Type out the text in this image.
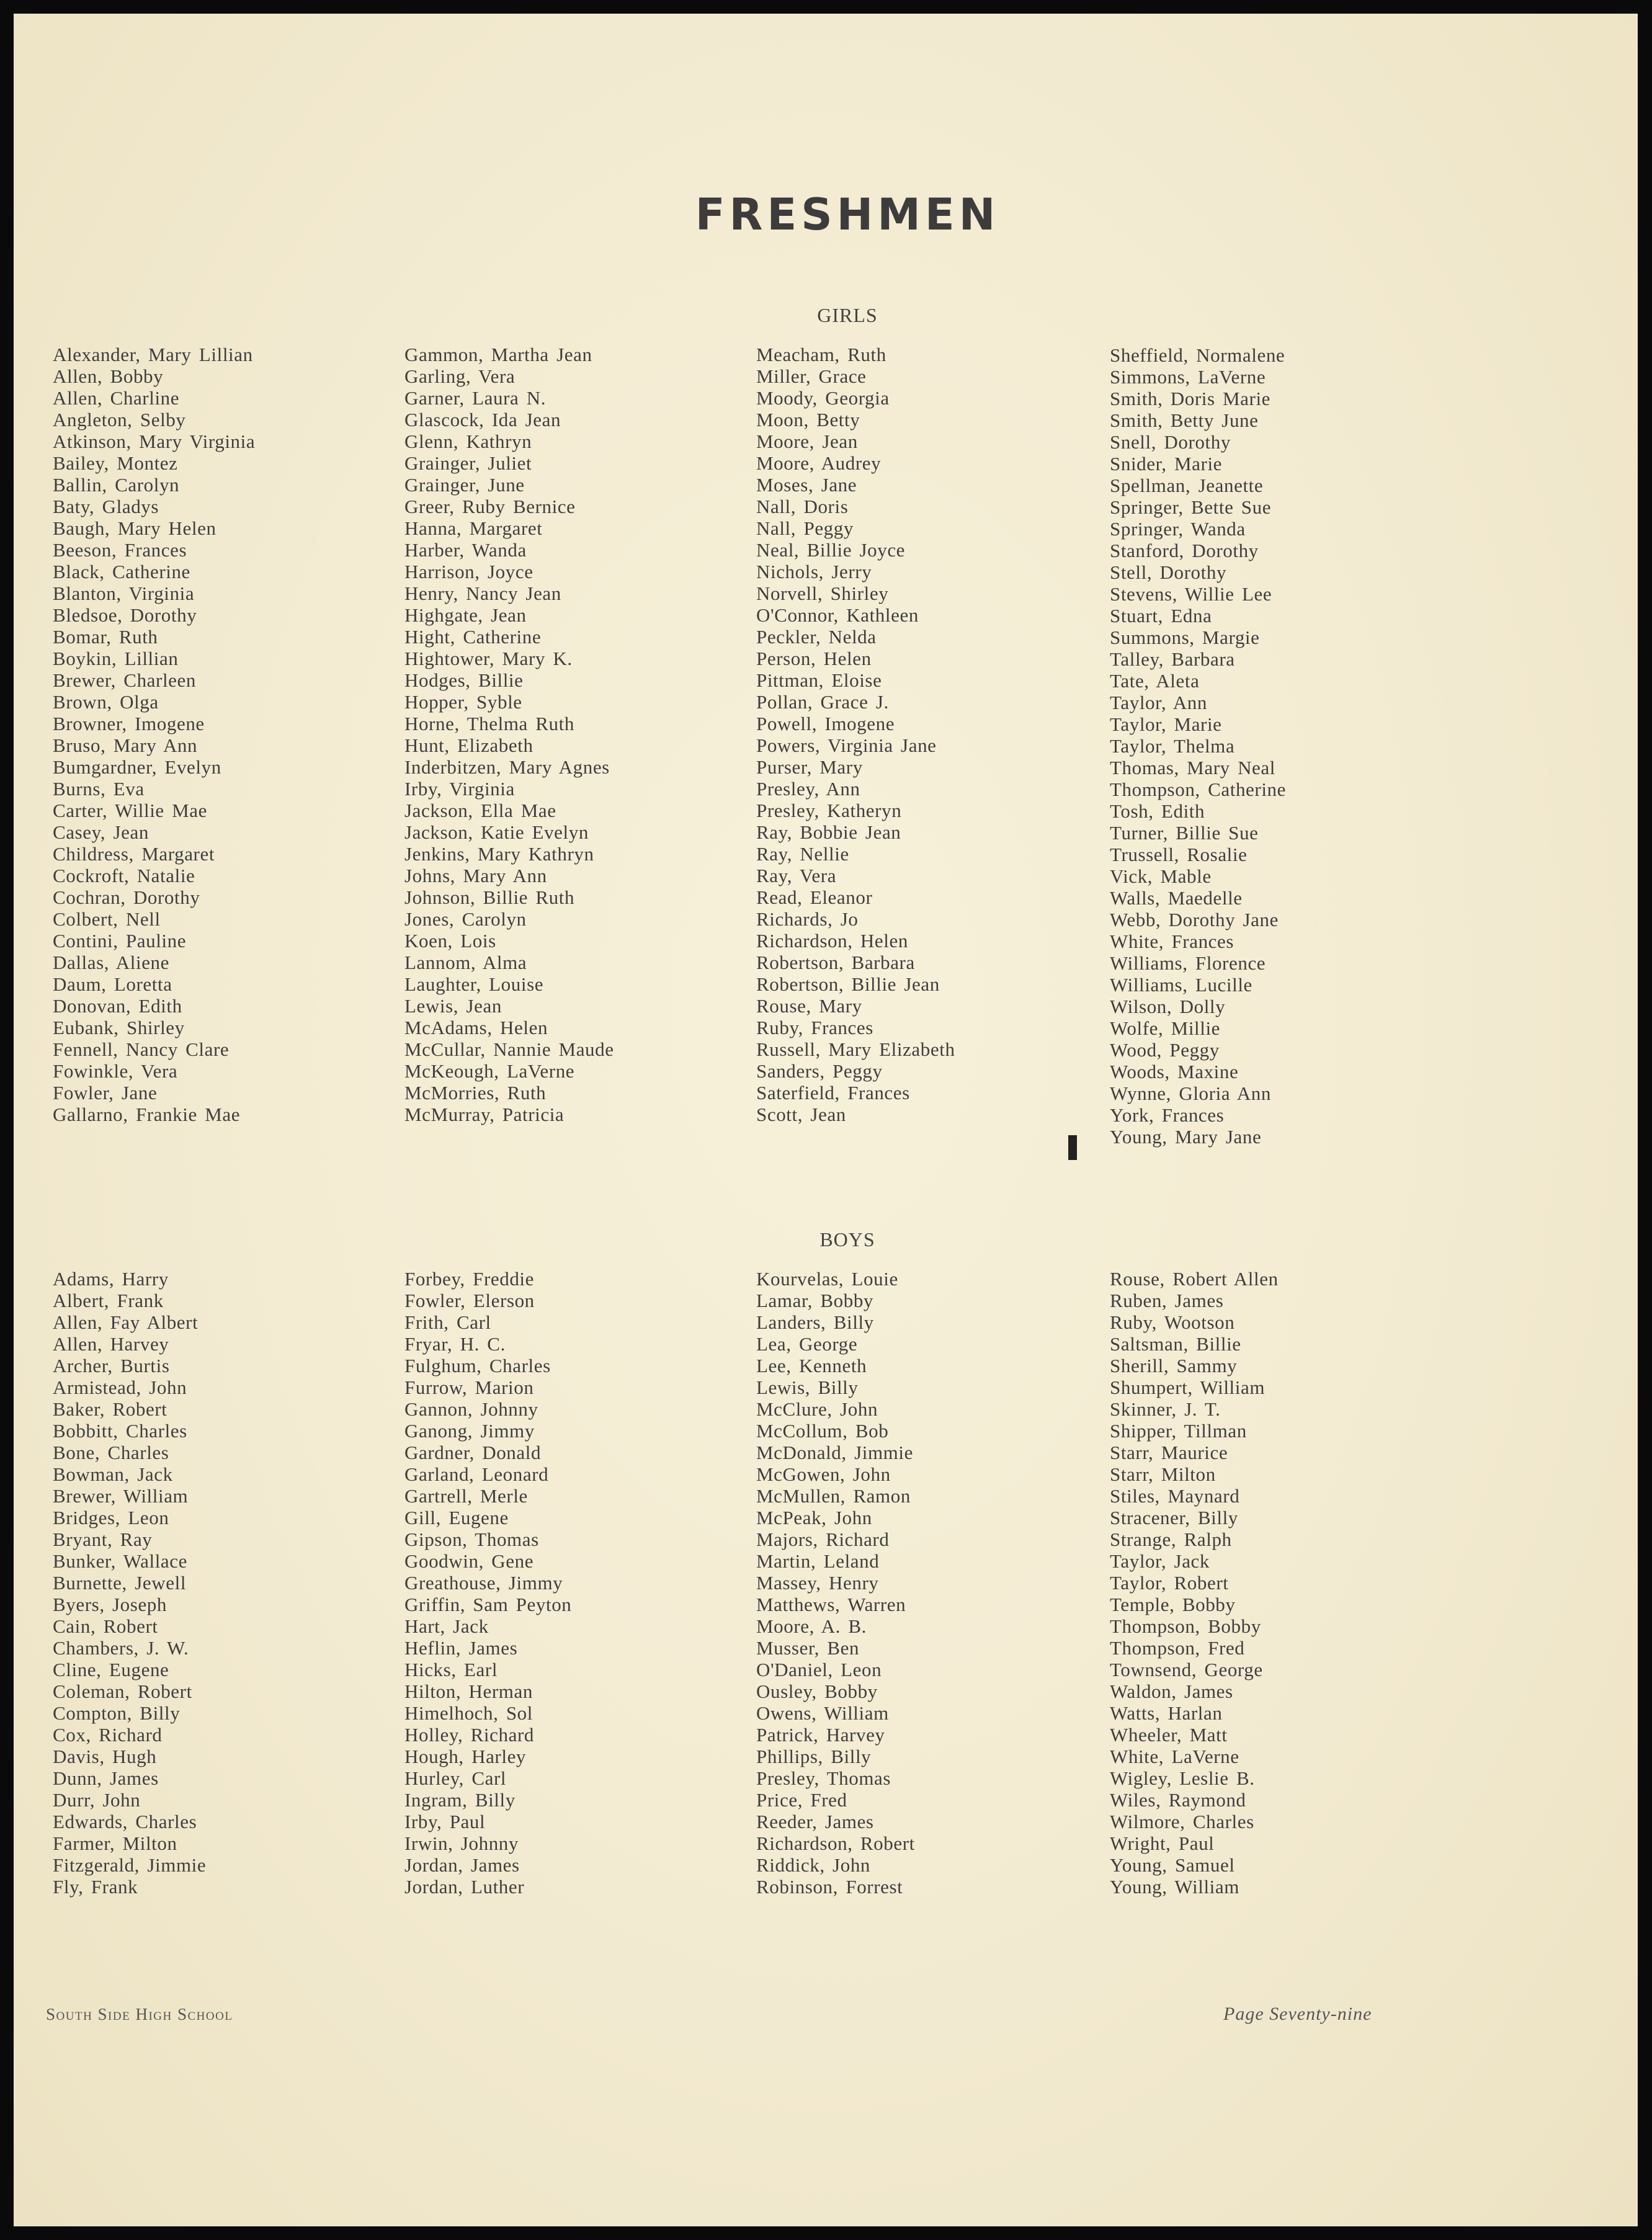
FRESHMEN
GIRLS
Alexander, Mary Lillian
Allen, Bobby
Allen, Charline
Angleton, Selby
Atkinson, Mary Virginia
Bailey, Montez
Ballin, Carolyn
Baty, Gladys
Baugh, Mary Helen
Beeson, Frances
Black, Catherine
Blanton, Virginia
Bledsoe, Dorothy
Bomar, Ruth
Boykin, Lillian
Brewer, Charleen
Brown, Olga
Browner, Imogene
Bruso, Mary Ann
Bumgardner, Evelyn
Burns, Eva
Carter, Willie Mae
Casey, Jean
Childress, Margaret
Cockroft, Natalie
Cochran, Dorothy
Colbert, Nell
Contini, Pauline
Dallas, Aliene
Daum, Loretta
Donovan, Edith
Eubank, Shirley
Fennell, Nancy Clare
Fowinkle, Vera
Fowler, Jane
Gallarno, Frankie Mae
Gammon, Martha Jean
Garling, Vera
Garner, Laura N.
Glascock, Ida Jean
Glenn, Kathryn
Grainger, Juliet
Grainger, June
Greer, Ruby Bernice
Hanna, Margaret
Harber, Wanda
Harrison, Joyce
Henry, Nancy Jean
Highgate, Jean
Hight, Catherine
Hightower, Mary K.
Hodges, Billie
Hopper, Syble
Horne, Thelma Ruth
Hunt, Elizabeth
Inderbitzen, Mary Agnes
Irby, Virginia
Jackson, Ella Mae
Jackson, Katie Evelyn
Jenkins, Mary Kathryn
Johns, Mary Ann
Johnson, Billie Ruth
Jones, Carolyn
Koen, Lois
Lannom, Alma
Laughter, Louise
Lewis, Jean
McAdams, Helen
McCullar, Nannie Maude
McKeough, LaVerne
McMorries, Ruth
McMurray, Patricia
Meacham, Ruth
Miller, Grace
Moody, Georgia
Moon, Betty
Moore, Jean
Moore, Audrey
Moses, Jane
Nall, Doris
Nall, Peggy
Neal, Billie Joyce
Nichols, Jerry
Norvell, Shirley
O'Connor, Kathleen
Peckler, Nelda
Person, Helen
Pittman, Eloise
Pollan, Grace J.
Powell, Imogene
Powers, Virginia Jane
Purser, Mary
Presley, Ann
Presley, Katheryn
Ray, Bobbie Jean
Ray, Nellie
Ray, Vera
Read, Eleanor
Richards, Jo
Richardson, Helen
Robertson, Barbara
Robertson, Billie Jean
Rouse, Mary
Ruby, Frances
Russell, Mary Elizabeth
Sanders, Peggy
Saterfield, Frances
Scott, Jean
Sheffield, Normalene
Simmons, LaVerne
Smith, Doris Marie
Smith, Betty June
Snell, Dorothy
Snider, Marie
Spellman, Jeanette
Springer, Bette Sue
Springer, Wanda
Stanford, Dorothy
Stell, Dorothy
Stevens, Willie Lee
Stuart, Edna
Summons, Margie
Talley, Barbara
Tate, Aleta
Taylor, Ann
Taylor, Marie
Taylor, Thelma
Thomas, Mary Neal
Thompson, Catherine
Tosh, Edith
Turner, Billie Sue
Trussell, Rosalie
Vick, Mable
Walls, Maedelle
Webb, Dorothy Jane
White, Frances
Williams, Florence
Williams, Lucille
Wilson, Dolly
Wolfe, Millie
Wood, Peggy
Woods, Maxine
Wynne, Gloria Ann
York, Frances
Young, Mary Jane
BOYS
Adams, Harry
Albert, Frank
Allen, Fay Albert
Allen, Harvey
Archer, Burtis
Armistead, John
Baker, Robert
Bobbitt, Charles
Bone, Charles
Bowman, Jack
Brewer, William
Bridges, Leon
Bryant, Ray
Bunker, Wallace
Burnette, Jewell
Byers, Joseph
Cain, Robert
Chambers, J. W.
Cline, Eugene
Coleman, Robert
Compton, Billy
Cox, Richard
Davis, Hugh
Dunn, James
Durr, John
Edwards, Charles
Farmer, Milton
Fitzgerald, Jimmie
Fly, Frank
Forbey, Freddie
Fowler, Elerson
Frith, Carl
Fryar, H. C.
Fulghum, Charles
Furrow, Marion
Gannon, Johnny
Ganong, Jimmy
Gardner, Donald
Garland, Leonard
Gartrell, Merle
Gill, Eugene
Gipson, Thomas
Goodwin, Gene
Greathouse, Jimmy
Griffin, Sam Peyton
Hart, Jack
Heflin, James
Hicks, Earl
Hilton, Herman
Himelhoch, Sol
Holley, Richard
Hough, Harley
Hurley, Carl
Ingram, Billy
Irby, Paul
Irwin, Johnny
Jordan, James
Jordan, Luther
Kourvelas, Louie
Lamar, Bobby
Landers, Billy
Lea, George
Lee, Kenneth
Lewis, Billy
McClure, John
McCollum, Bob
McDonald, Jimmie
McGowen, John
McMullen, Ramon
McPeak, John
Majors, Richard
Martin, Leland
Massey, Henry
Matthews, Warren
Moore, A. B.
Musser, Ben
O'Daniel, Leon
Ousley, Bobby
Owens, William
Patrick, Harvey
Phillips, Billy
Presley, Thomas
Price, Fred
Reeder, James
Richardson, Robert
Riddick, John
Robinson, Forrest
Rouse, Robert Allen
Ruben, James
Ruby, Wootson
Saltsman, Billie
Sherill, Sammy
Shumpert, William
Skinner, J. T.
Shipper, Tillman
Starr, Maurice
Starr, Milton
Stiles, Maynard
Stracener, Billy
Strange, Ralph
Taylor, Jack
Taylor, Robert
Temple, Bobby
Thompson, Bobby
Thompson, Fred
Townsend, George
Waldon, James
Watts, Harlan
Wheeler, Matt
White, LaVerne
Wigley, Leslie B.
Wiles, Raymond
Wilmore, Charles
Wright, Paul
Young, Samuel
Young, William
South Side High School	Page Seventy-nine
